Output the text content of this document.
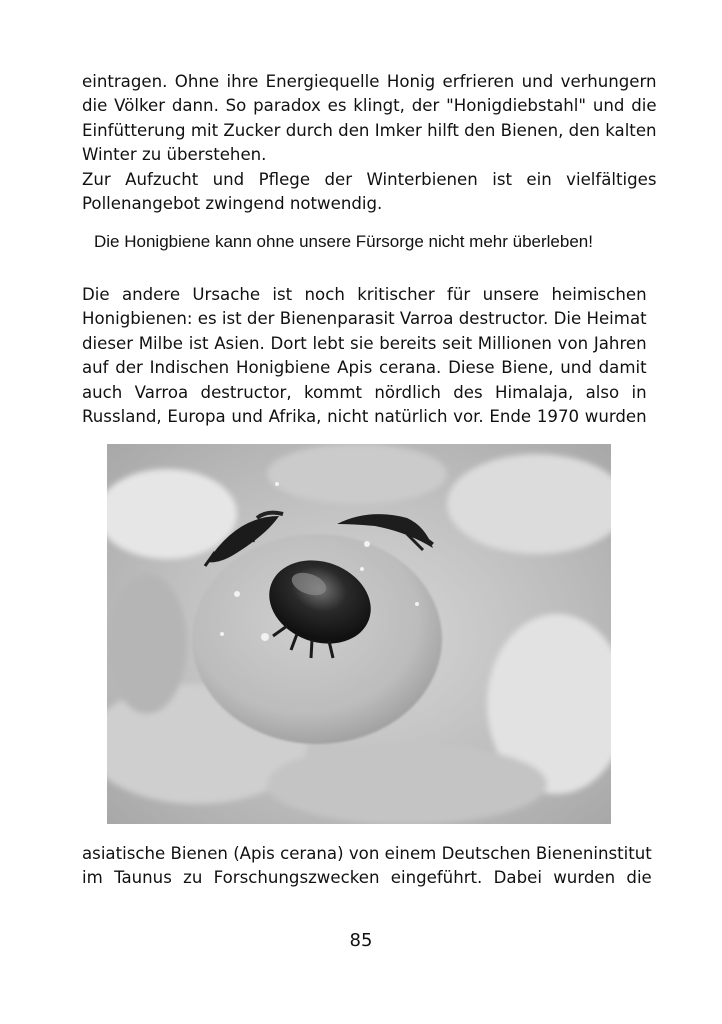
eintragen. Ohne ihre Energiequelle Honig erfrieren und verhungern
die Völker dann. So paradox es klingt, der "Honigdiebstahl" und die
Einfütterung mit Zucker durch den Imker hilft den Bienen, den kalten
Winter zu überstehen.
Zur Aufzucht und Pflege der Winterbienen ist ein vielfältiges
Pollenangebot zwingend notwendig.

Die andere Ursache ist noch kritischer für unsere heimischen
Honigbienen: es ist der Bienenparasit Varroa destructor. Die Heimat
dieser Milbe ist Asien. Dort lebt sie bereits seit Millionen von Jahren
auf der Indischen Honigbiene Apis cerana. Diese Biene, und damit
auch Varroa destructor, kommt nördlich des Himalaja, also in
Russland, Europa und Afrika, nicht natürlich vor. Ende 1970 wurden

asiatische Bienen (Apis cerana) von einem Deutschen Bieneninstitut
im Taunus zu Forschungszwecken eingeführt. Dabei wurden die

Die Honigbiene kann ohne unsere Fürsorge nicht mehr überleben!
85
